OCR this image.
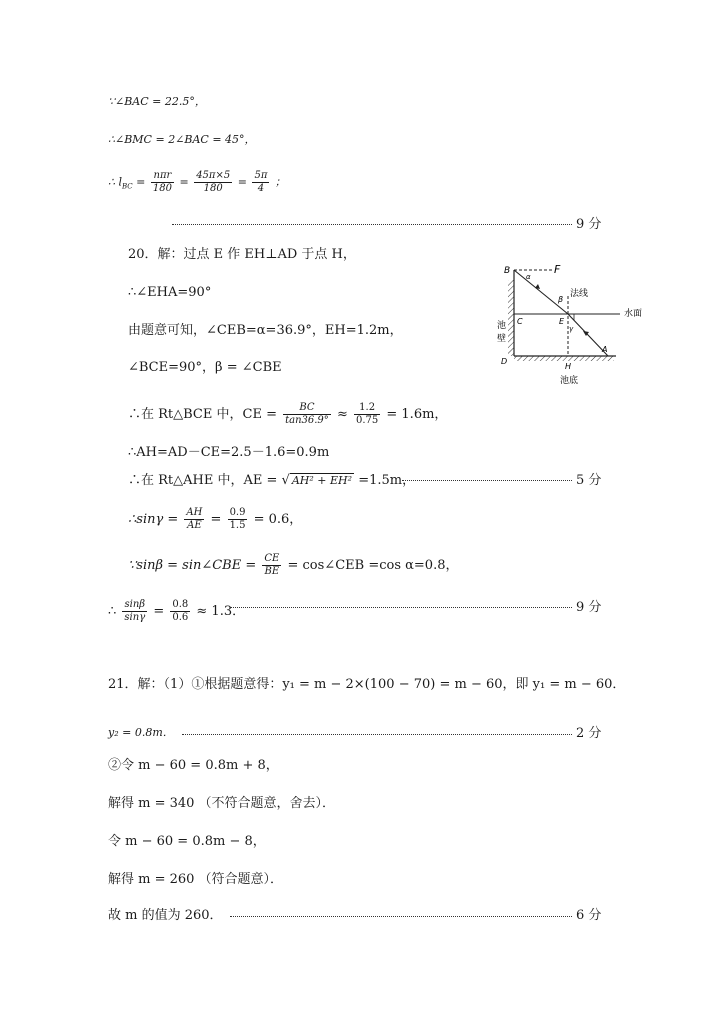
∵∠BAC = 22.5°，
∴∠BMC = 2∠BAC = 45°，
∴ $l_{BC} = \frac{\text{nπr}}{180} = \frac{45\pi\times 5}{180} = \frac{5\pi}{4}$ ；
9 分
20．解：过点 E 作 EH⊥AD 于点 H，
∴∠EHA=90°
由题意可知，∠CEB=α=36.9°，EH=1.2m，
∠BCE=90°，β = ∠CBE
∴在 Rt△BCE 中，CE = $\frac{BC}{\tan 36.9^\circ} \approx \frac{1.2}{0.75} = 1.6m$，
∴AH=AD－CE=2.5－1.6=0.9m
∴在 Rt△AHE 中，AE = √ AH² + EH² =1.5m，	5 分
∴sinγ = $\frac{AH}{AE} = \frac{0.9}{1.5} = 0.6$，
∵sinβ = sin∠CBE = $\frac{CE}{BE}$ = cos∠CEB =cos α=0.8，
∴ $\frac{\sin\beta}{\sin\gamma} = \frac{0.8}{0.6} \approx 1.3$．	9 分
B	F
α
β
法线
水面
C	E
γ
池
壁
D
H
A
池底
21．解：（1）①根据题意得：y₁ = m − 2×(100 − 70) = m − 60，即 y₁ = m − 60．
y₂ = 0.8m．	2 分
②令 m − 60 = 0.8m + 8，
解得 m = 340 （不符合题意，舍去）．
令 m − 60 = 0.8m − 8，
解得 m = 260 （符合题意）．
故 m 的值为 260．	6 分
